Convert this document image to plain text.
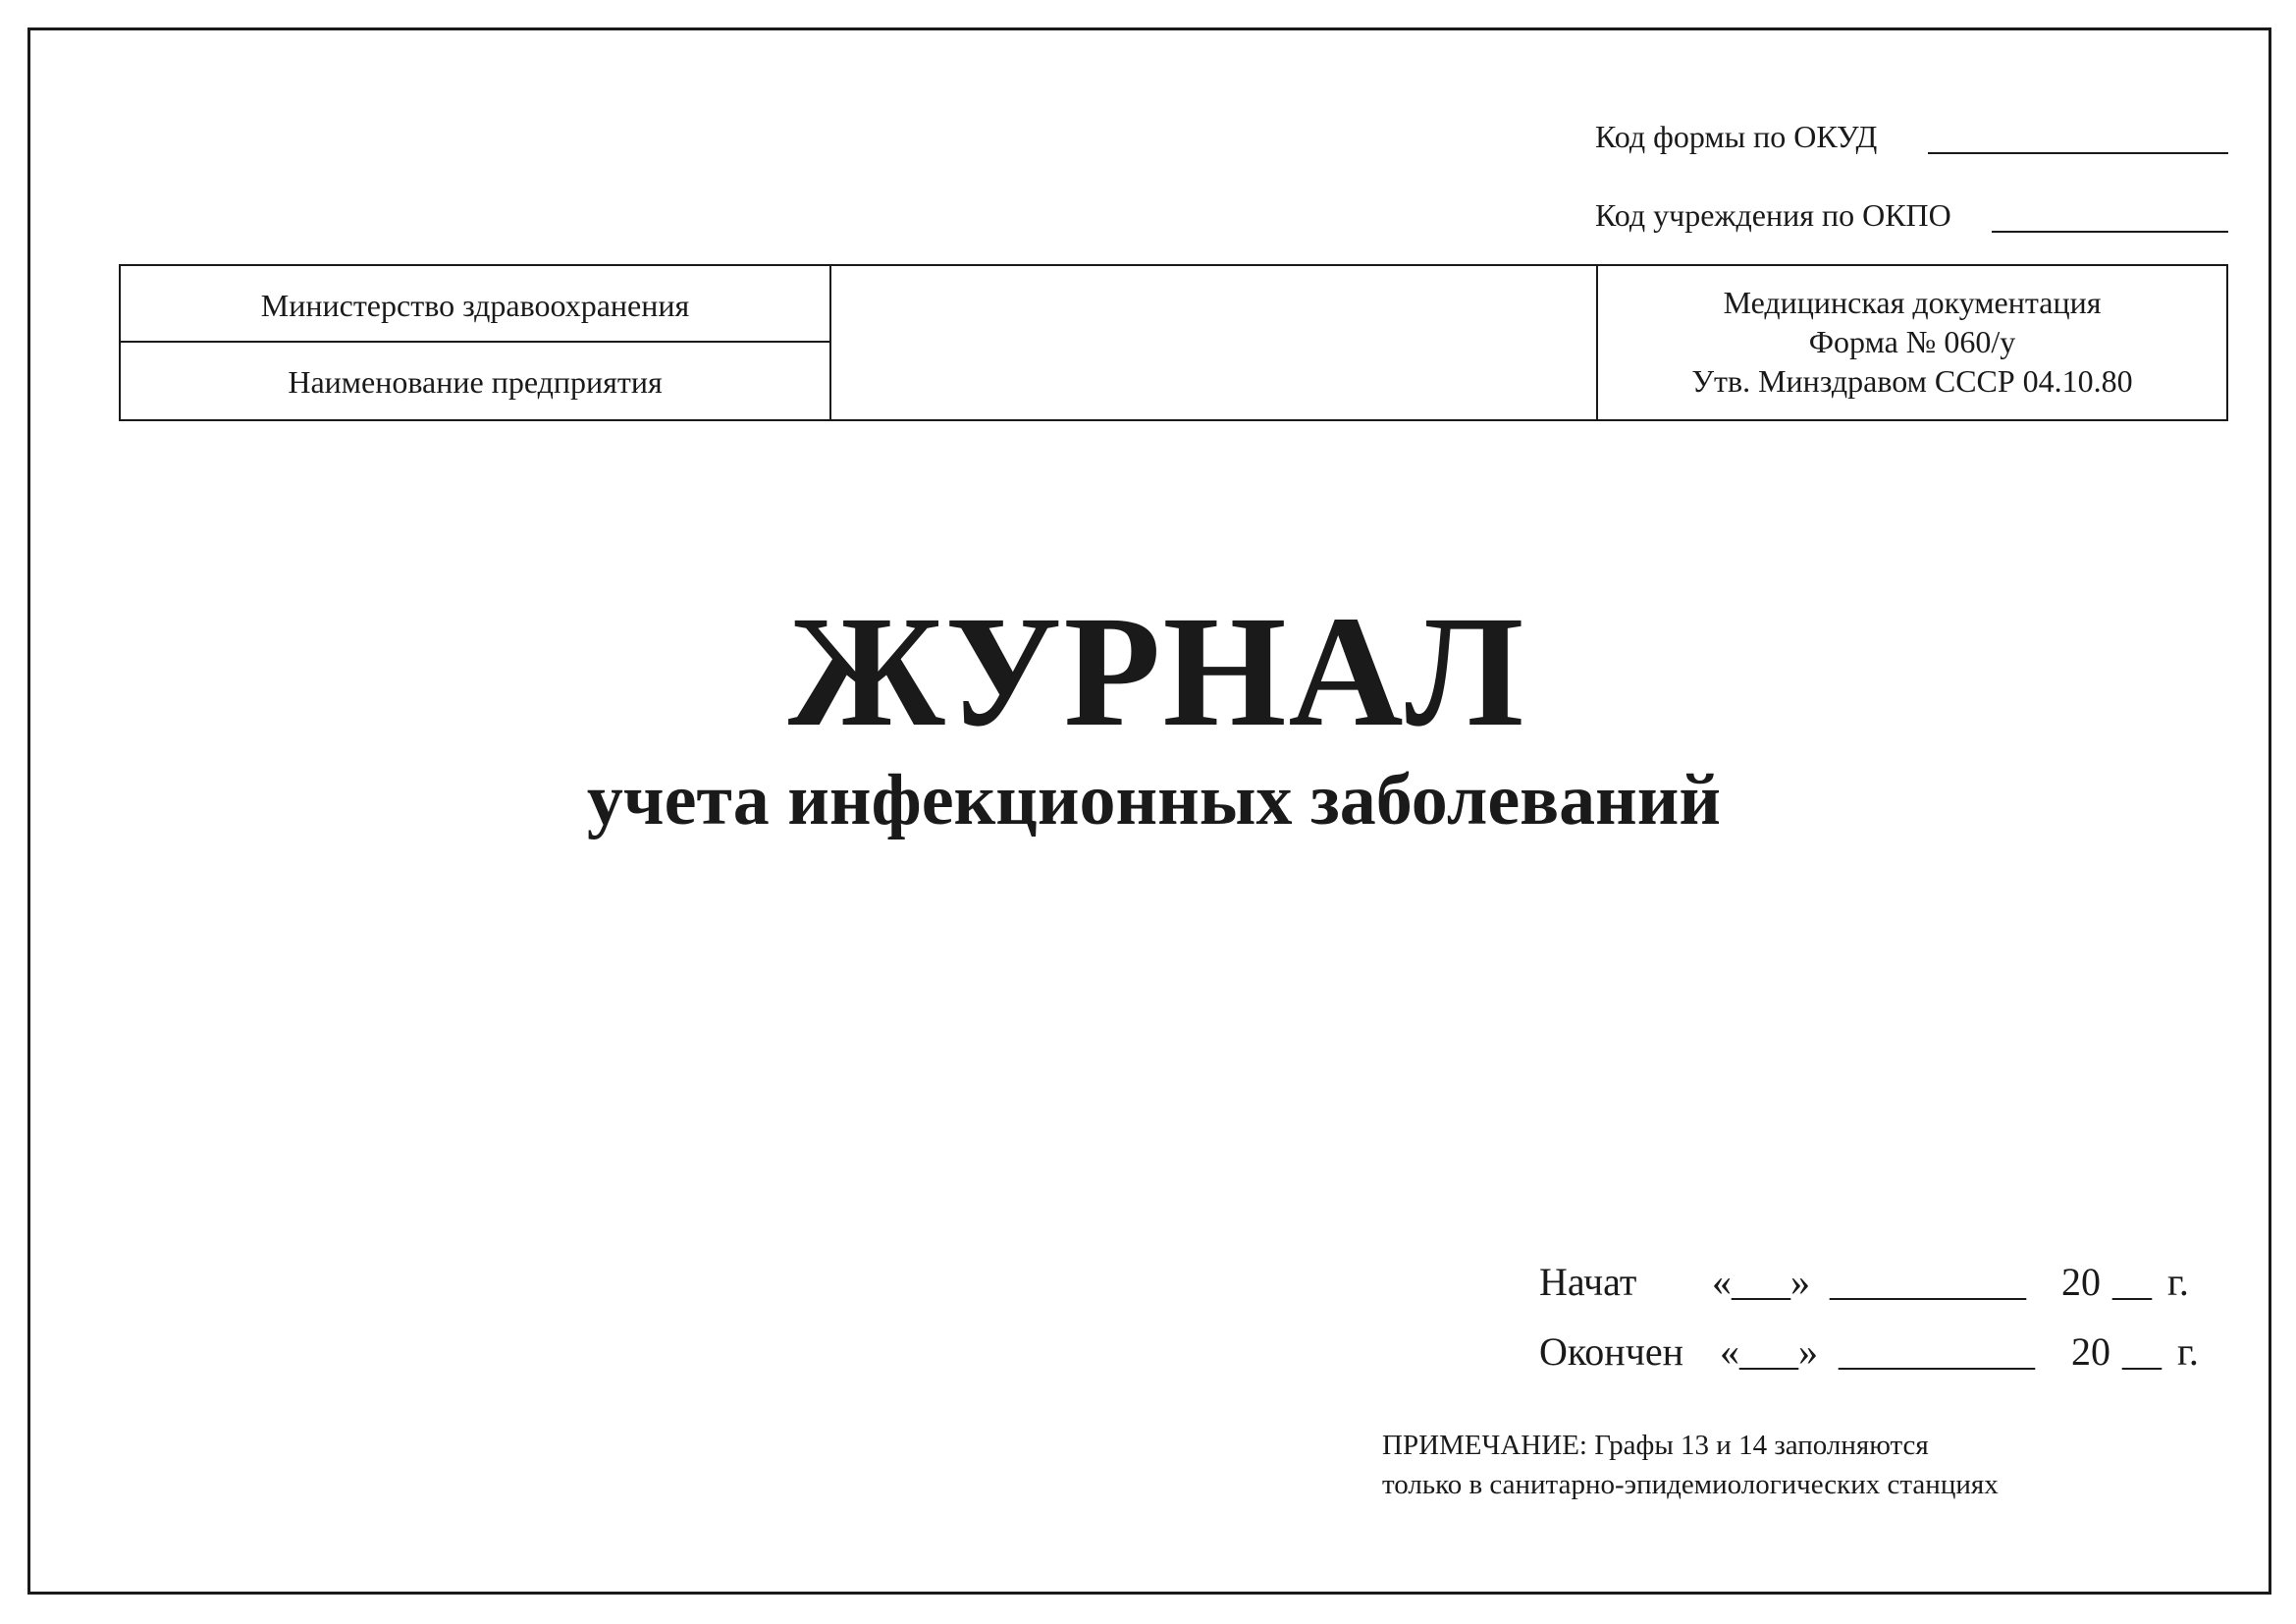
Код формы по ОКУД
Код учреждения по ОКПО
Министерство здравоохранения
Наименование предприятия
Медицинская документация
Форма № 060/у
Утв. Минздравом СССР 04.10.80
ЖУРНАЛ
учета инфекционных заболеваний
Начат «___» __________ 20 __ г.
Окончен «___» __________ 20 __ г.
ПРИМЕЧАНИЕ: Графы 13 и 14 заполняются
только в санитарно-эпидемиологических станциях
